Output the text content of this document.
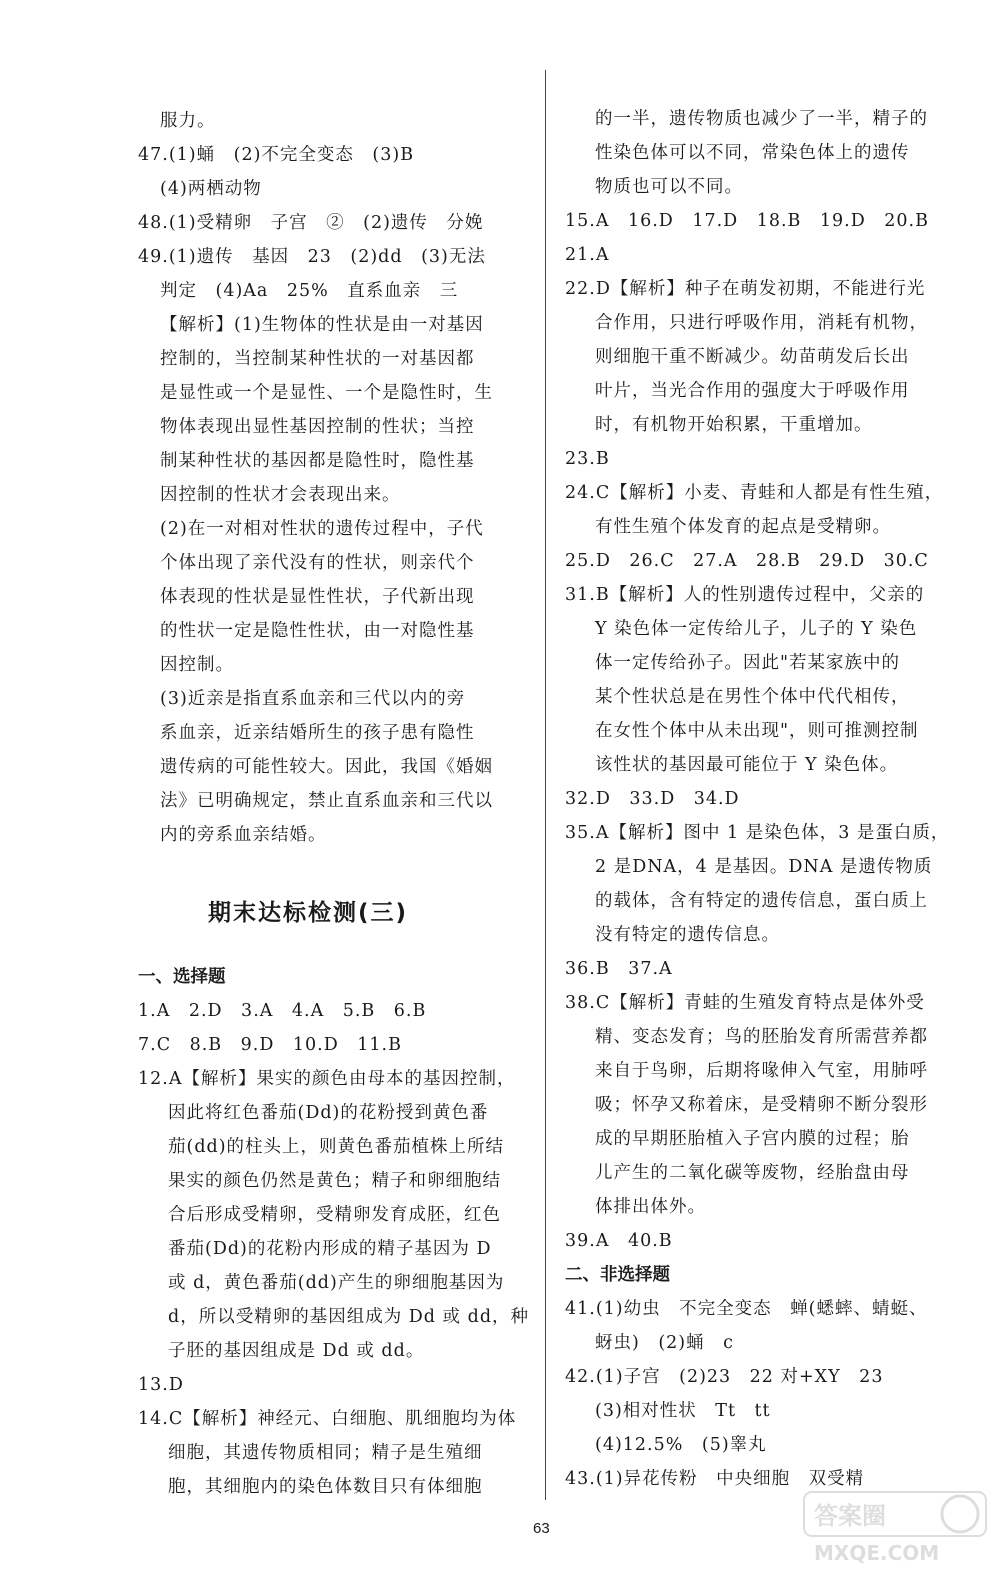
服力。
47.(1)蛹　(2)不完全变态　(3)B
(4)两栖动物
48.(1)受精卵　子宫　②　(2)遗传　分娩
49.(1)遗传　基因　23　(2)dd　(3)无法
判定　(4)Aa　25%　直系血亲　三
【解析】(1)生物体的性状是由一对基因
控制的，当控制某种性状的一对基因都
是显性或一个是显性、一个是隐性时，生
物体表现出显性基因控制的性状；当控
制某种性状的基因都是隐性时，隐性基
因控制的性状才会表现出来。
(2)在一对相对性状的遗传过程中，子代
个体出现了亲代没有的性状，则亲代个
体表现的性状是显性性状，子代新出现
的性状一定是隐性性状，由一对隐性基
因控制。
(3)近亲是指直系血亲和三代以内的旁
系血亲，近亲结婚所生的孩子患有隐性
遗传病的可能性较大。因此，我国《婚姻
法》已明确规定，禁止直系血亲和三代以
内的旁系血亲结婚。
期末达标检测(三)
一、选择题
1.A　2.D　3.A　4.A　5.B　6.B
7.C　8.B　9.D　10.D　11.B
12.A【解析】果实的颜色由母本的基因控制，
因此将红色番茄(Dd)的花粉授到黄色番
茄(dd)的柱头上，则黄色番茄植株上所结
果实的颜色仍然是黄色；精子和卵细胞结
合后形成受精卵，受精卵发育成胚，红色
番茄(Dd)的花粉内形成的精子基因为 D
或 d，黄色番茄(dd)产生的卵细胞基因为
d，所以受精卵的基因组成为 Dd 或 dd，种
子胚的基因组成是 Dd 或 dd。
13.D
14.C【解析】神经元、白细胞、肌细胞均为体
细胞，其遗传物质相同；精子是生殖细
胞，其细胞内的染色体数目只有体细胞
的一半，遗传物质也减少了一半，精子的
性染色体可以不同，常染色体上的遗传
物质也可以不同。
15.A　16.D　17.D　18.B　19.D　20.B
21.A
22.D【解析】种子在萌发初期，不能进行光
合作用，只进行呼吸作用，消耗有机物，
则细胞干重不断减少。幼苗萌发后长出
叶片，当光合作用的强度大于呼吸作用
时，有机物开始积累，干重增加。
23.B
24.C【解析】小麦、青蛙和人都是有性生殖，
有性生殖个体发育的起点是受精卵。
25.D　26.C　27.A　28.B　29.D　30.C
31.B【解析】人的性别遗传过程中，父亲的
Y 染色体一定传给儿子，儿子的 Y 染色
体一定传给孙子。因此"若某家族中的
某个性状总是在男性个体中代代相传，
在女性个体中从未出现"，则可推测控制
该性状的基因最可能位于 Y 染色体。
32.D　33.D　34.D
35.A【解析】图中 1 是染色体，3 是蛋白质，
2 是DNA，4 是基因。DNA 是遗传物质
的载体，含有特定的遗传信息，蛋白质上
没有特定的遗传信息。
36.B　37.A
38.C【解析】青蛙的生殖发育特点是体外受
精、变态发育；鸟的胚胎发育所需营养都
来自于鸟卵，后期将喙伸入气室，用肺呼
吸；怀孕又称着床，是受精卵不断分裂形
成的早期胚胎植入子宫内膜的过程；胎
儿产生的二氧化碳等废物，经胎盘由母
体排出体外。
39.A　40.B
二、非选择题
41.(1)幼虫　不完全变态　蝉(蟋蟀、蜻蜓、
蚜虫)　(2)蛹　c
42.(1)子宫　(2)23　22 对+XY　23
(3)相对性状　Tt　tt
(4)12.5%　(5)睾丸
43.(1)异花传粉　中央细胞　双受精
63	答案圈
MXQE.COM
